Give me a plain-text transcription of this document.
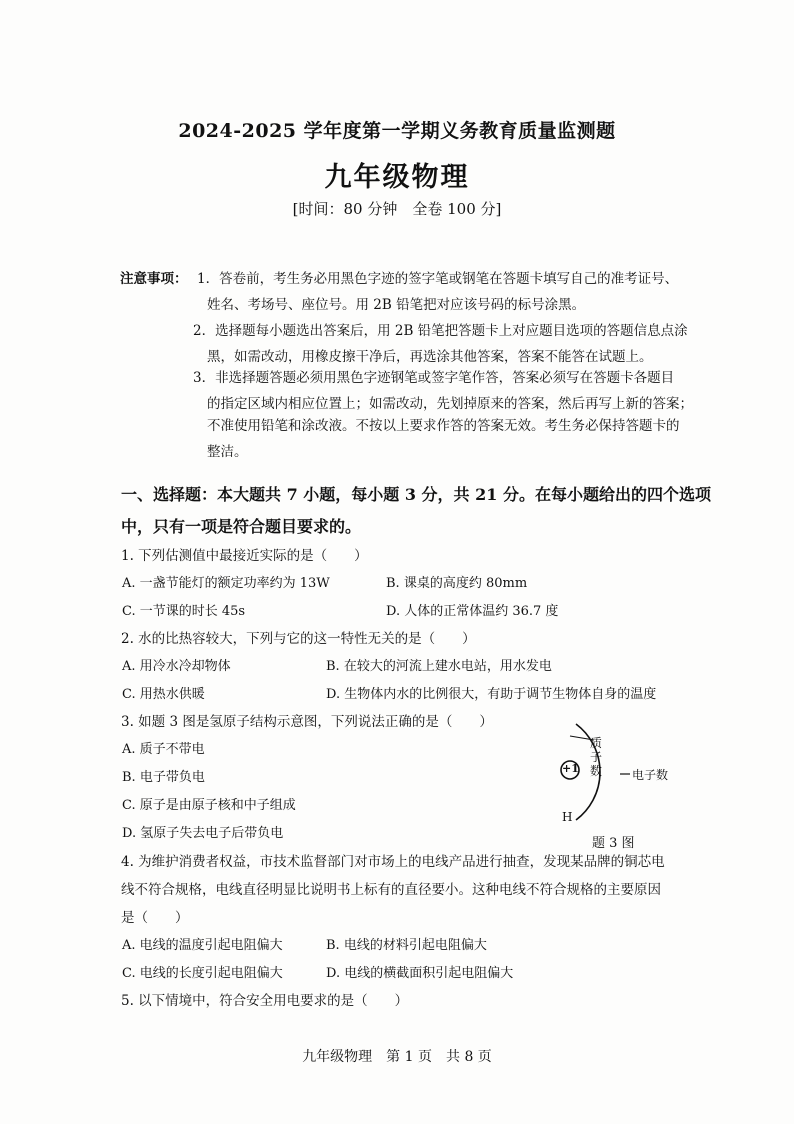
2024-2025 学年度第一学期义务教育质量监测题
九年级物理
[时间：80 分钟　全卷 100 分]
注意事项： 1．答卷前，考生务必用黑色字迹的签字笔或钢笔在答题卡填写自己的准考证号、
姓名、考场号、座位号。用 2B 铅笔把对应该号码的标号涂黑。
2．选择题每小题选出答案后，用 2B 铅笔把答题卡上对应题目选项的答题信息点涂
黑，如需改动，用橡皮擦干净后，再选涂其他答案，答案不能答在试题上。
3．非选择题答题必须用黑色字迹钢笔或签字笔作答，答案必须写在答题卡各题目
的指定区域内相应位置上；如需改动，先划掉原来的答案，然后再写上新的答案；
不准使用铅笔和涂改液。不按以上要求作答的答案无效。考生务必保持答题卡的
整洁。
一、选择题：本大题共 7 小题，每小题 3 分，共 21 分。在每小题给出的四个选项
中，只有一项是符合题目要求的。
1. 下列估测值中最接近实际的是（　　）
A. 一盏节能灯的额定功率约为 13W	B. 课桌的高度约 80mm
C. 一节课的时长 45s	D. 人体的正常体温约 36.7 度
2. 水的比热容较大，下列与它的这一特性无关的是（　　）
A. 用冷水冷却物体	B. 在较大的河流上建水电站，用水发电
C. 用热水供暖	D. 生物体内水的比例很大，有助于调节生物体自身的温度
3. 如题 3 图是氢原子结构示意图，下列说法正确的是（　　）
A. 质子不带电
B. 电子带负电
C. 原子是由原子核和中子组成
D. 氢原子失去电子后带负电
+1
质子数 电子数
H
题 3 图
4. 为维护消费者权益，市技术监督部门对市场上的电线产品进行抽查，发现某品牌的铜芯电
线不符合规格，电线直径明显比说明书上标有的直径要小。这种电线不符合规格的主要原因
是（　　）
A. 电线的温度引起电阻偏大	B. 电线的材料引起电阻偏大
C. 电线的长度引起电阻偏大	D. 电线的横截面积引起电阻偏大
5. 以下情境中，符合安全用电要求的是（　　）
九年级物理　第 1 页　共 8 页
